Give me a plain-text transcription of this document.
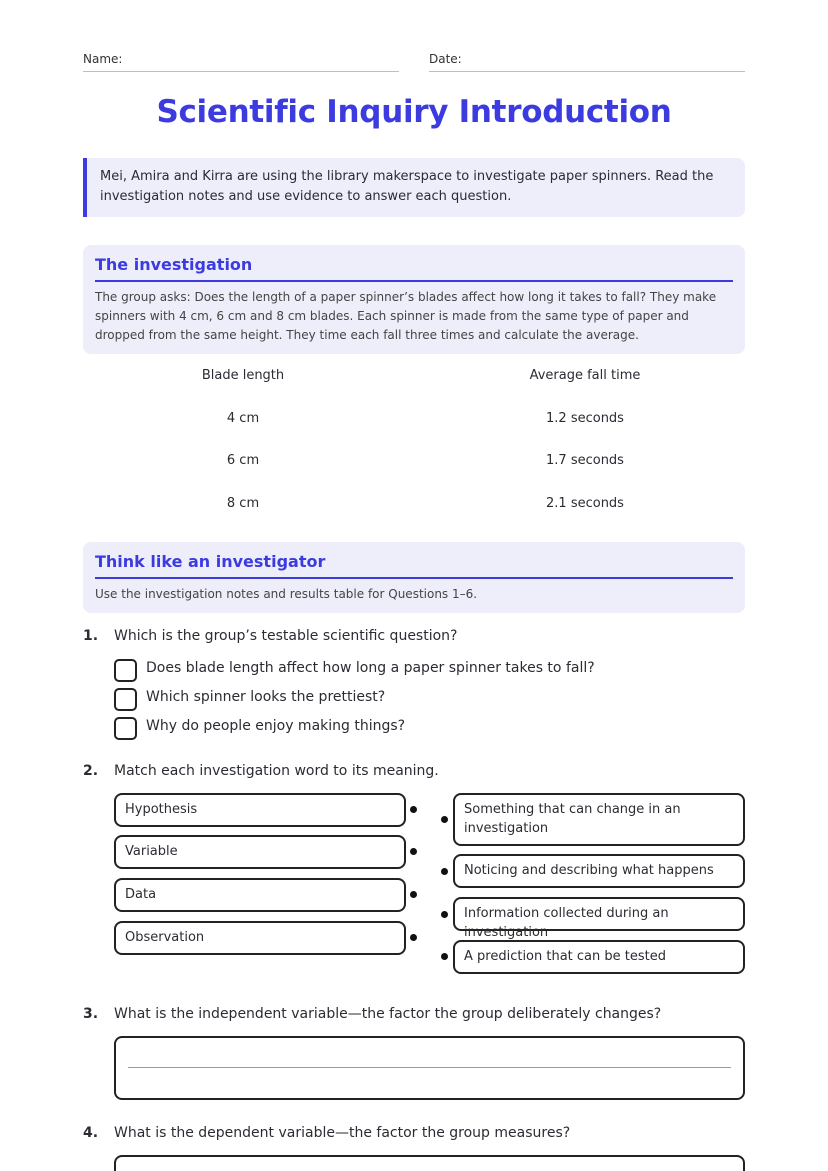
Name:	Date:
Scientific Inquiry Introduction
Mei, Amira and Kirra are using the library makerspace to investigate paper spinners. Read the investigation notes and use evidence to answer each question.
The investigation

The group asks: Does the length of a paper spinner’s blades affect how long it takes to fall? They make spinners with 4 cm, 6 cm and 8 cm blades. Each spinner is made from the same type of paper and dropped from the same height. They time each fall three times and calculate the average.

Blade length	Average fall time
4 cm	1.2 seconds
6 cm	1.7 seconds
8 cm	2.1 seconds
Think like an investigator

Use the investigation notes and results table for Questions 1–6.

1. Which is the group’s testable scientific question?
Does blade length affect how long a paper spinner takes to fall?
Which spinner looks the prettiest?
Why do people enjoy making things?
2. Match each investigation word to its meaning.
Hypothesis
Variable
Data
Observation
Something that can change in an investigation
Noticing and describing what happens
Information collected during an investigation
A prediction that can be tested
3. What is the independent variable—the factor the group deliberately changes?
4. What is the dependent variable—the factor the group measures?
